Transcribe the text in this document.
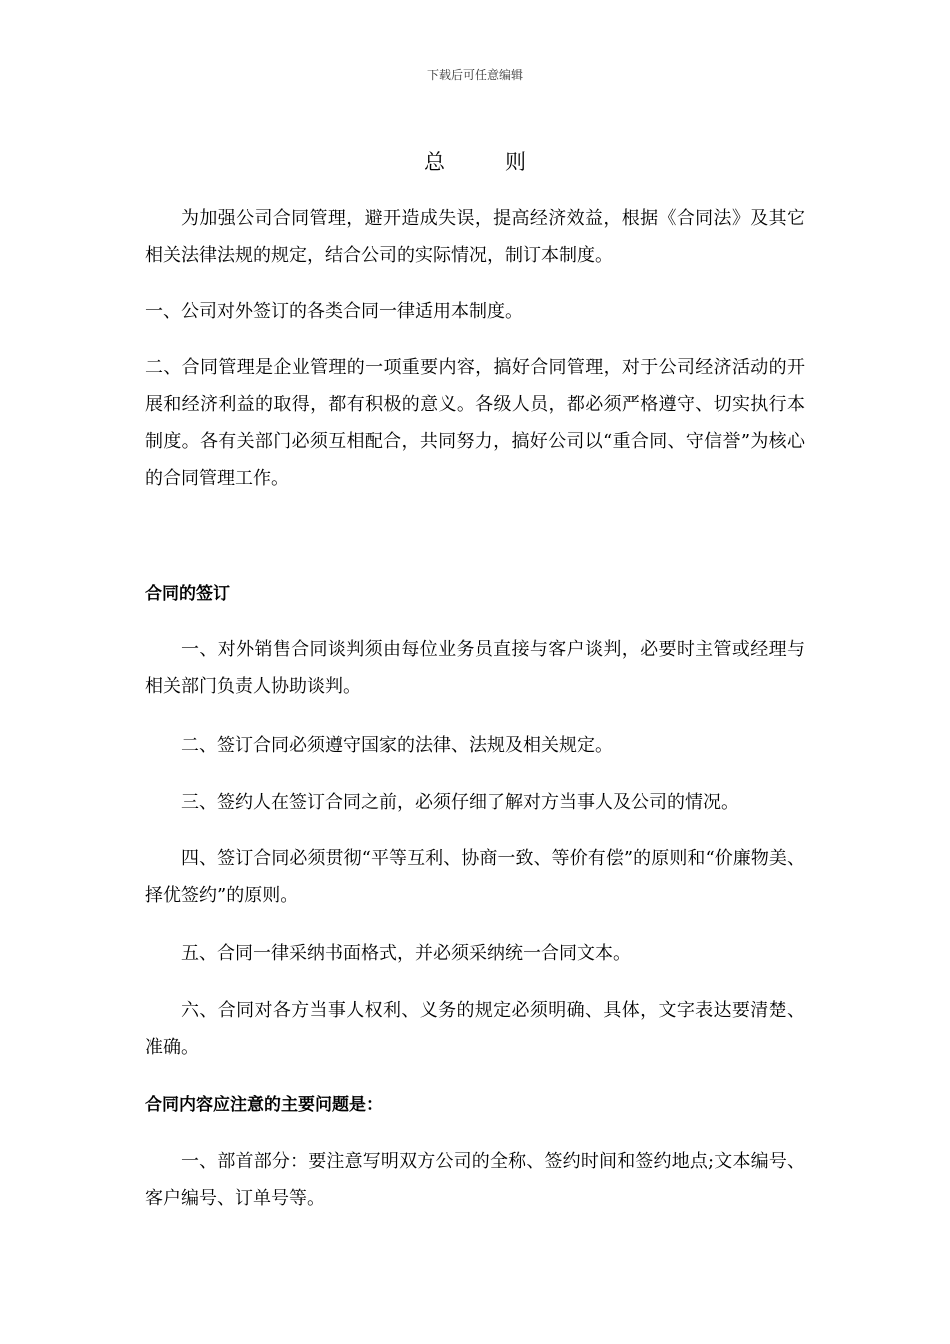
下载后可任意编辑
总则

为加强公司合同管理，避开造成失误，提高经济效益，根据《合同法》及其它相关法律法规的规定，结合公司的实际情况，制订本制度。

一、公司对外签订的各类合同一律适用本制度。

二、合同管理是企业管理的一项重要内容，搞好合同管理，对于公司经济活动的开展和经济利益的取得，都有积极的意义。各级人员，都必须严格遵守、切实执行本制度。各有关部门必须互相配合，共同努力，搞好公司以“重合同、守信誉”为核心的合同管理工作。

合同的签订

一、对外销售合同谈判须由每位业务员直接与客户谈判，必要时主管或经理与相关部门负责人协助谈判。

二、签订合同必须遵守国家的法律、法规及相关规定。

三、签约人在签订合同之前，必须仔细了解对方当事人及公司的情况。

四、签订合同必须贯彻“平等互利、协商一致、等价有偿”的原则和“价廉物美、择优签约”的原则。

五、合同一律采纳书面格式，并必须采纳统一合同文本。

六、合同对各方当事人权利、义务的规定必须明确、具体，文字表达要清楚、准确。

合同内容应注意的主要问题是：

一、部首部分：要注意写明双方公司的全称、签约时间和签约地点;文本编号、客户编号、订单号等。
